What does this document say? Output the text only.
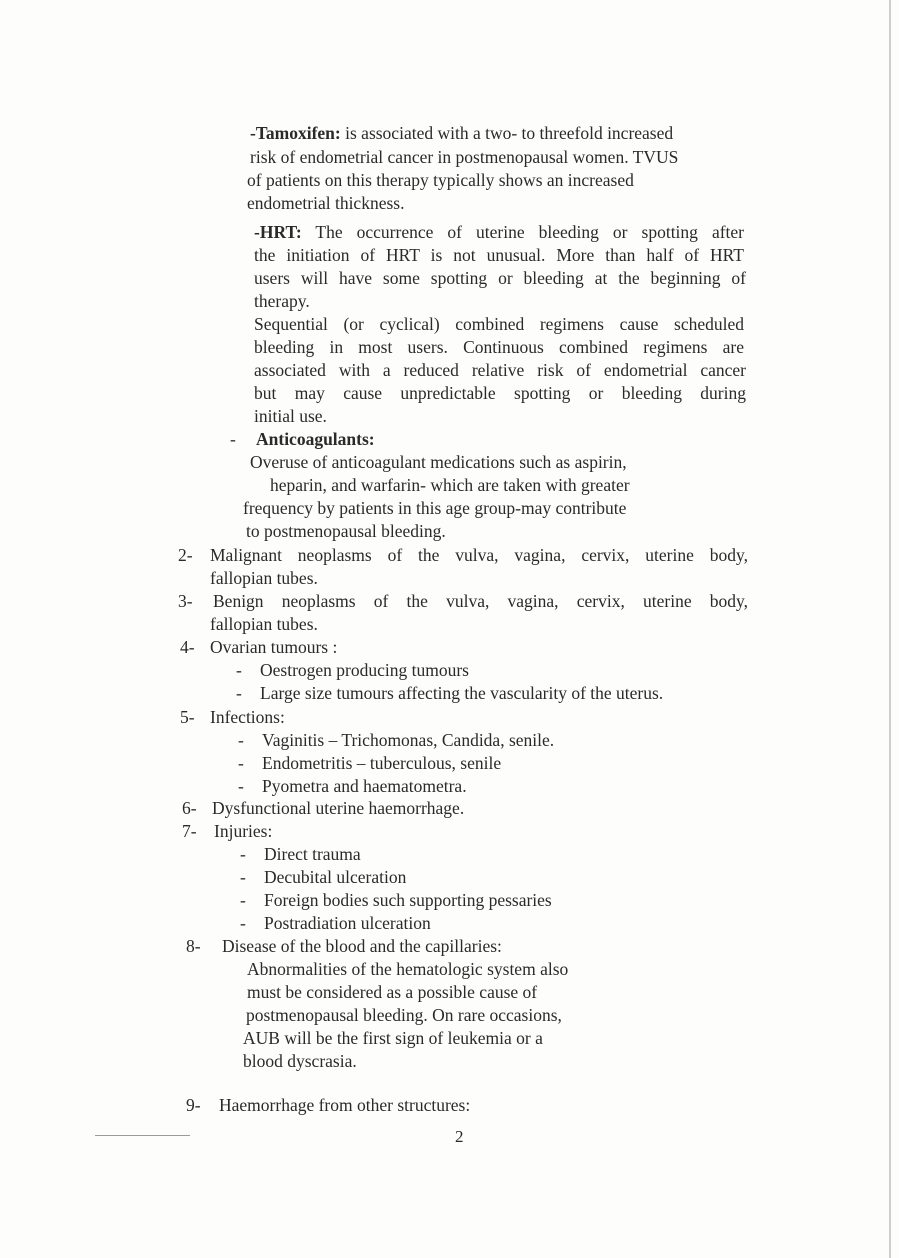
-Tamoxifen: is associated with a two- to threefold increased
risk of endometrial cancer in postmenopausal women. TVUS
of patients on this therapy typically shows an increased
endometrial thickness.
-HRT: The occurrence of uterine bleeding or spotting after
the initiation of HRT is not unusual. More than half of HRT
users will have some spotting or bleeding at the beginning of
therapy.
Sequential (or cyclical) combined regimens cause scheduled
bleeding in most users. Continuous combined regimens are
associated with a reduced relative risk of endometrial cancer
but may cause unpredictable spotting or bleeding during
initial use.
- Anticoagulants:
Overuse of anticoagulant medications such as aspirin,
heparin, and warfarin- which are taken with greater
frequency by patients in this age group-may contribute
to postmenopausal bleeding.
2- Malignant neoplasms of the vulva, vagina, cervix, uterine body,
fallopian tubes.
3- Benign neoplasms of the vulva, vagina, cervix, uterine body,
fallopian tubes.
4- Ovarian tumours :
- Oestrogen producing tumours
- Large size tumours affecting the vascularity of the uterus.
5- Infections:
- Vaginitis – Trichomonas, Candida, senile.
- Endometritis – tuberculous, senile
- Pyometra and haematometra.
6- Dysfunctional uterine haemorrhage.
7- Injuries:
- Direct trauma
- Decubital ulceration
- Foreign bodies such supporting pessaries
- Postradiation ulceration
8- Disease of the blood and the capillaries:
Abnormalities of the hematologic system also
must be considered as a possible cause of
postmenopausal bleeding. On rare occasions,
AUB will be the first sign of leukemia or a
blood dyscrasia.
9- Haemorrhage from other structures:
2
